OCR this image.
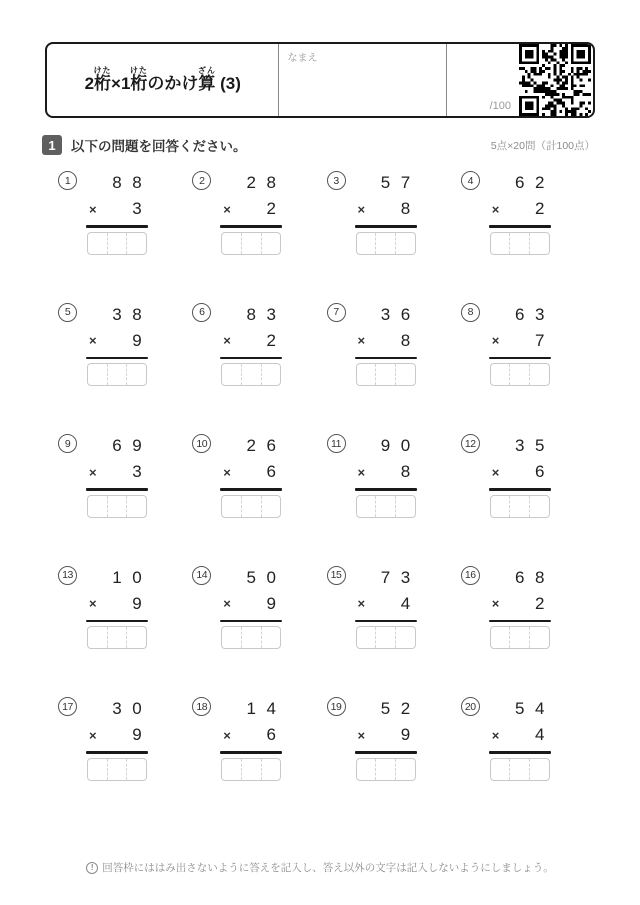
2桁けた×1桁けたのかけ算ざん (3)
なまえ
/100
1	以下の問題を回答ください。	5点×20問（計100点）
1	8 8
×	3
2	2 8
×	2
3	5 7
×	8
4	6 2
×	2
5	3 8
×	9
6	8 3
×	2
7	3 6
×	8
8	6 3
×	7
9	6 9
×	3
10	2 6
×	6
11	9 0
×	8
12	3 5
×	6
13	1 0
×	9
14	5 0
×	9
15	7 3
×	4
16	6 8
×	2
17	3 0
×	9
18	1 4
×	6
19	5 2
×	9
20	5 4
×	4
! 回答枠にははみ出さないように答えを記入し、答え以外の文字は記入しないようにしましょう。
